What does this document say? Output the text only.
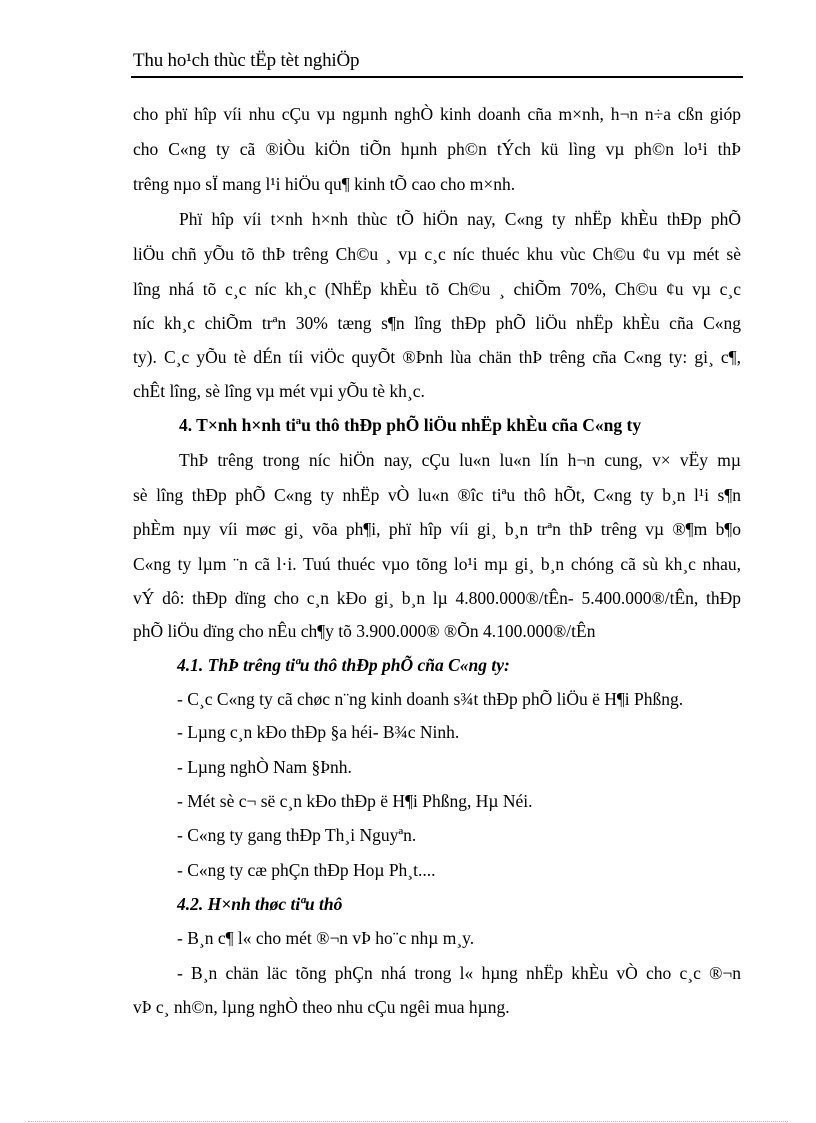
Thu ho¹ch thùc tËp tèt nghiÖp
cho phï hîp víi nhu cÇu vµ ngµnh nghÒ kinh doanh cña m×nh, h¬n n÷a cßn gióp
cho C«ng ty cã ®iÒu kiÖn tiÕn hµnh ph©n tÝch kü lìng vµ ph©n lo¹i thÞ
trêng nµo sÏ mang l¹i hiÖu qu¶ kinh tÕ cao cho m×nh.
Phï hîp víi t×nh h×nh thùc tÕ hiÖn nay, C«ng ty nhËp khÈu thÐp phÕ
liÖu chñ yÕu tõ thÞ trêng Ch©u ¸ vµ c¸c níc thuéc khu vùc Ch©u ¢u vµ mét sè
lîng nhá tõ c¸c níc kh¸c (NhËp khÈu tõ Ch©u ¸ chiÕm 70%, Ch©u ¢u vµ c¸c
níc kh¸c chiÕm trªn 30% tæng s¶n lîng thÐp phÕ liÖu nhËp khÈu cña C«ng
ty). C¸c yÕu tè dÉn tíi viÖc quyÕt ®Þnh lùa chän thÞ trêng cña C«ng ty: gi¸ c¶,
chÊt lîng, sè lîng vµ mét vµi yÕu tè kh¸c.
4. T×nh h×nh tiªu thô thÐp phÕ liÖu nhËp khÈu cña C«ng ty
ThÞ trêng trong níc hiÖn nay, cÇu lu«n lu«n lín h¬n cung, v× vËy mµ
sè lîng thÐp phÕ C«ng ty nhËp vÒ lu«n ®îc tiªu thô hÕt, C«ng ty b¸n l¹i s¶n
phÈm nµy víi møc gi¸ võa ph¶i, phï hîp víi gi¸ b¸n trªn thÞ trêng vµ ®¶m b¶o
C«ng ty lµm ¨n cã l·i. Tuú thuéc vµo tõng lo¹i mµ gi¸ b¸n chóng cã sù kh¸c nhau,
vÝ dô: thÐp dïng cho c¸n kÐo gi¸ b¸n lµ 4.800.000®/tÊn- 5.400.000®/tÊn, thÐp
phÕ liÖu dïng cho nÊu ch¶y tõ 3.900.000® ®Õn 4.100.000®/tÊn
4.1. ThÞ trêng tiªu thô thÐp phÕ cña C«ng ty:
- C¸c C«ng ty cã chøc n¨ng kinh doanh s¾t thÐp phÕ liÖu ë H¶i Phßng.
- Lµng c¸n kÐo thÐp §a héi- B¾c Ninh.
- Lµng nghÒ Nam §Þnh.
- Mét sè c¬ së c¸n kÐo thÐp ë H¶i Phßng, Hµ Néi.
- C«ng ty gang thÐp Th¸i Nguyªn.
- C«ng ty cæ phÇn thÐp Hoµ Ph¸t....
4.2. H×nh thøc tiªu thô
- B¸n c¶ l« cho mét ®¬n vÞ ho¨c nhµ m¸y.
- B¸n chän läc tõng phÇn nhá trong l« hµng nhËp khÈu vÒ cho c¸c ®¬n
vÞ c¸ nh©n, lµng nghÒ theo nhu cÇu ngêi mua hµng.
